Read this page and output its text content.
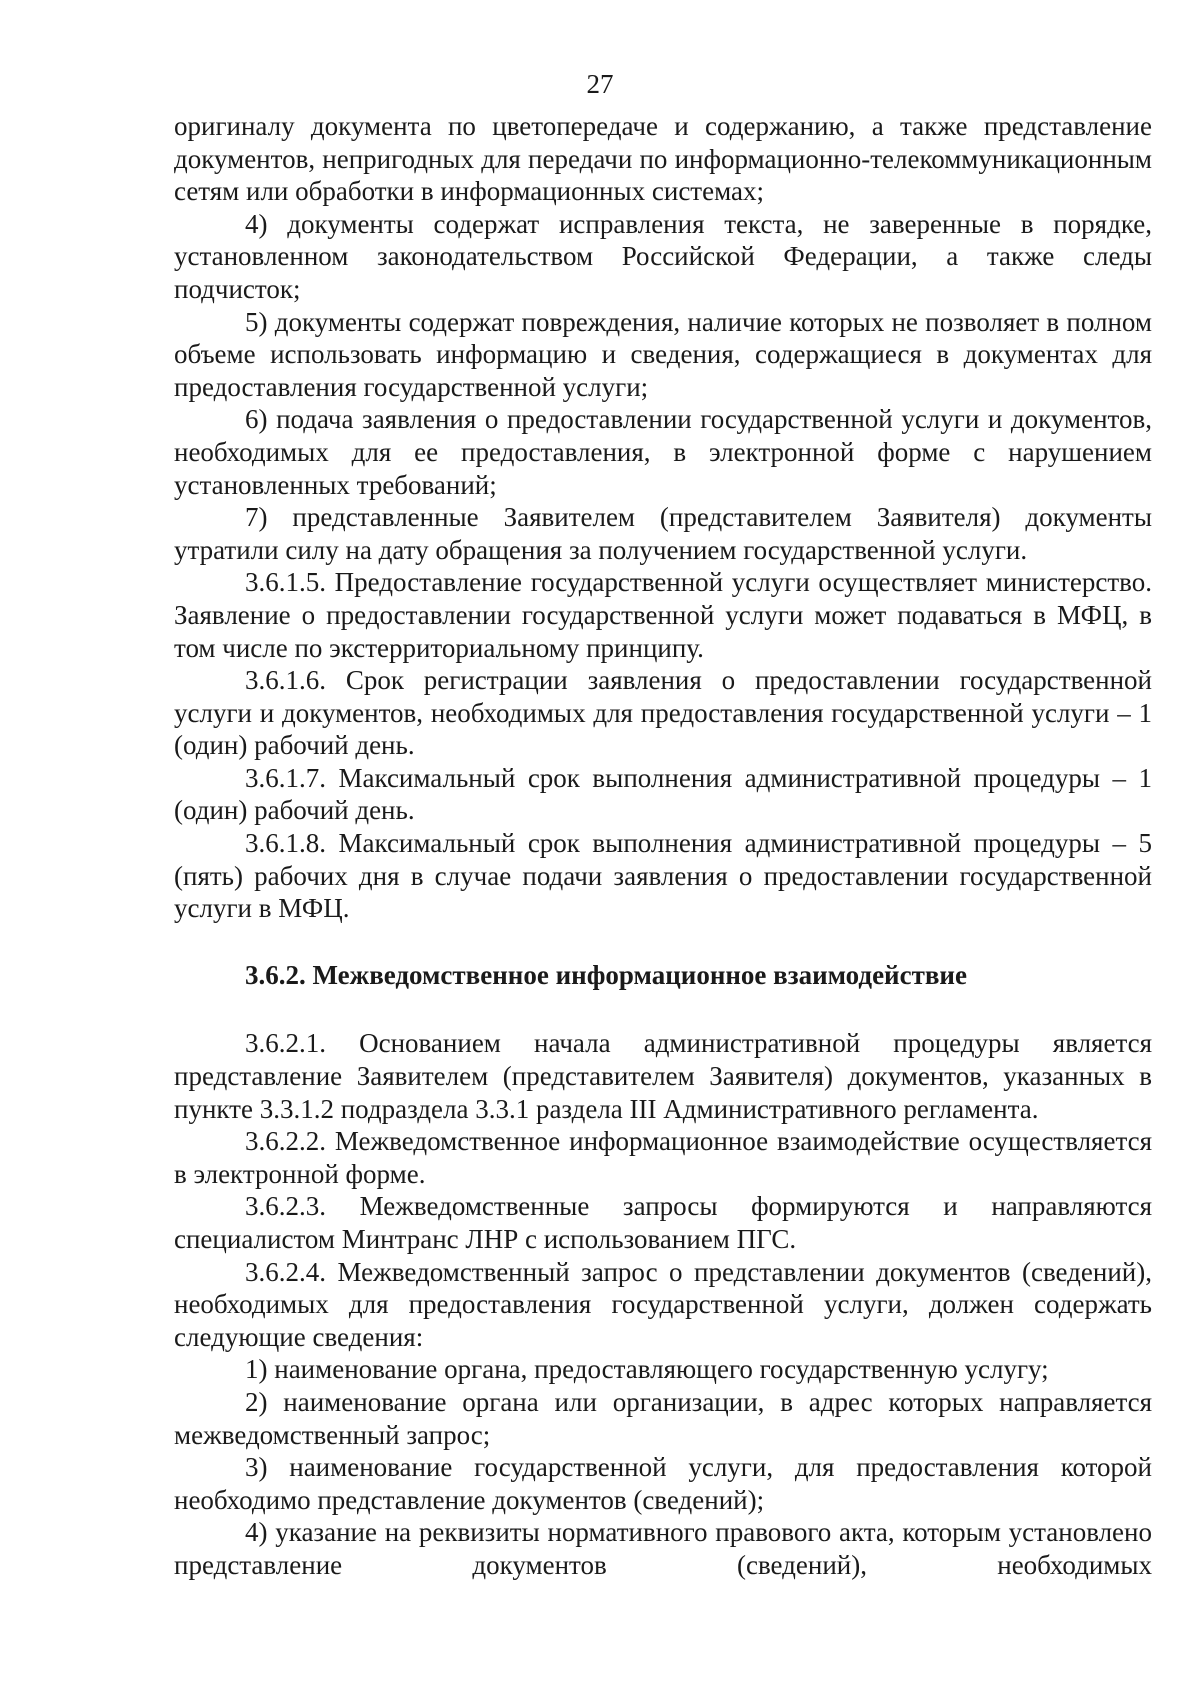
27

оригиналу документа по цветопередаче и содержанию, а также представление документов, непригодных для передачи по информационно-телекоммуникационным сетям или обработки в информационных системах;

4) документы содержат исправления текста, не заверенные в порядке, установленном законодательством Российской Федерации, а также следы подчисток;

5) документы содержат повреждения, наличие которых не позволяет в полном объеме использовать информацию и сведения, содержащиеся в документах для предоставления государственной услуги;

6) подача заявления о предоставлении государственной услуги и документов, необходимых для ее предоставления, в электронной форме с нарушением установленных требований;

7) представленные Заявителем (представителем Заявителя) документы утратили силу на дату обращения за получением государственной услуги.

3.6.1.5. Предоставление государственной услуги осуществляет министерство. Заявление о предоставлении государственной услуги может подаваться в МФЦ, в том числе по экстерриториальному принципу.

3.6.1.6. Срок регистрации заявления о предоставлении государственной услуги и документов, необходимых для предоставления государственной услуги – 1 (один) рабочий день.

3.6.1.7. Максимальный срок выполнения административной процедуры – 1 (один) рабочий день.

3.6.1.8. Максимальный срок выполнения административной процедуры – 5 (пять) рабочих дня в случае подачи заявления о предоставлении государственной услуги в МФЦ.

3.6.2. Межведомственное информационное взаимодействие

3.6.2.1. Основанием начала административной процедуры является представление Заявителем (представителем Заявителя) документов, указанных в пункте 3.3.1.2 подраздела 3.3.1 раздела III Административного регламента.

3.6.2.2. Межведомственное информационное взаимодействие осуществляется в электронной форме.

3.6.2.3. Межведомственные запросы формируются и направляются специалистом Минтранс ЛНР с использованием ПГС.

3.6.2.4. Межведомственный запрос о представлении документов (сведений), необходимых для предоставления государственной услуги, должен содержать следующие сведения:

1) наименование органа, предоставляющего государственную услугу;

2) наименование органа или организации, в адрес которых направляется межведомственный запрос;

3) наименование государственной услуги, для предоставления которой необходимо представление документов (сведений);

4) указание на реквизиты нормативного правового акта, которым установлено представление документов (сведений), необходимых
